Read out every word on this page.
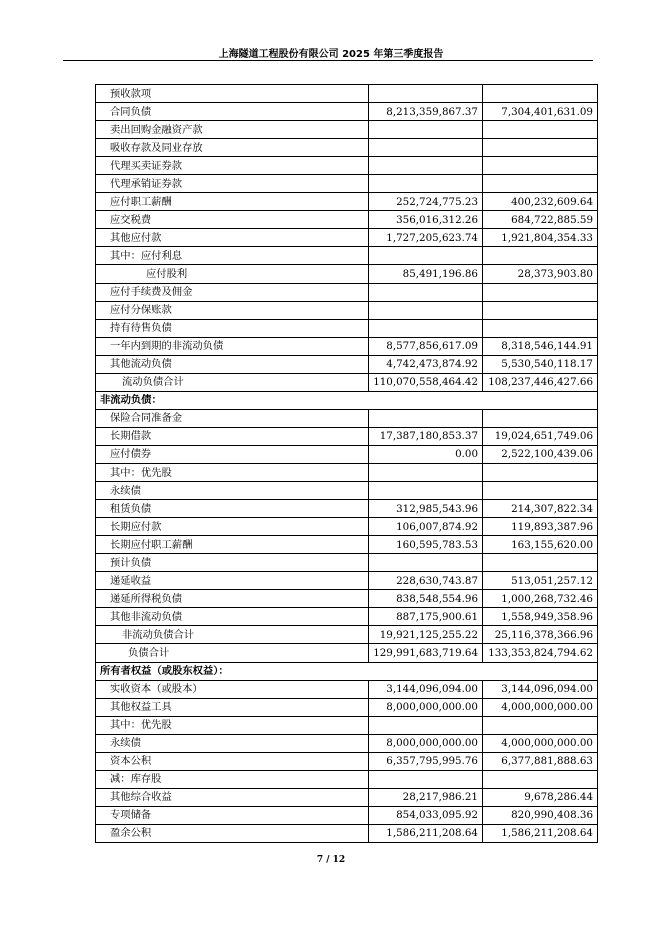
上海隧道工程股份有限公司 2025 年第三季度报告
预收款项		
合同负债	8,213,359,867.37	7,304,401,631.09
卖出回购金融资产款		
吸收存款及同业存放		
代理买卖证券款		
代理承销证券款		
应付职工薪酬	252,724,775.23	400,232,609.64
应交税费	356,016,312.26	684,722,885.59
其他应付款	1,727,205,623.74	1,921,804,354.33
其中：应付利息		
应付股利	85,491,196.86	28,373,903.80
应付手续费及佣金		
应付分保账款		
持有待售负债		
一年内到期的非流动负债	8,577,856,617.09	8,318,546,144.91
其他流动负债	4,742,473,874.92	5,530,540,118.17
流动负债合计	110,070,558,464.42	108,237,446,427.66
非流动负债：		
保险合同准备金		
长期借款	17,387,180,853.37	19,024,651,749.06
应付债券	0.00	2,522,100,439.06
其中：优先股		
永续债		
租赁负债	312,985,543.96	214,307,822.34
长期应付款	106,007,874.92	119,893,387.96
长期应付职工薪酬	160,595,783.53	163,155,620.00
预计负债		
递延收益	228,630,743.87	513,051,257.12
递延所得税负债	838,548,554.96	1,000,268,732.46
其他非流动负债	887,175,900.61	1,558,949,358.96
非流动负债合计	19,921,125,255.22	25,116,378,366.96
负债合计	129,991,683,719.64	133,353,824,794.62
所有者权益（或股东权益）：		
实收资本（或股本）	3,144,096,094.00	3,144,096,094.00
其他权益工具	8,000,000,000.00	4,000,000,000.00
其中：优先股		
永续债	8,000,000,000.00	4,000,000,000.00
资本公积	6,357,795,995.76	6,377,881,888.63
减：库存股		
其他综合收益	28,217,986.21	9,678,286.44
专项储备	854,033,095.92	820,990,408.36
盈余公积	1,586,211,208.64	1,586,211,208.64
7 / 12
